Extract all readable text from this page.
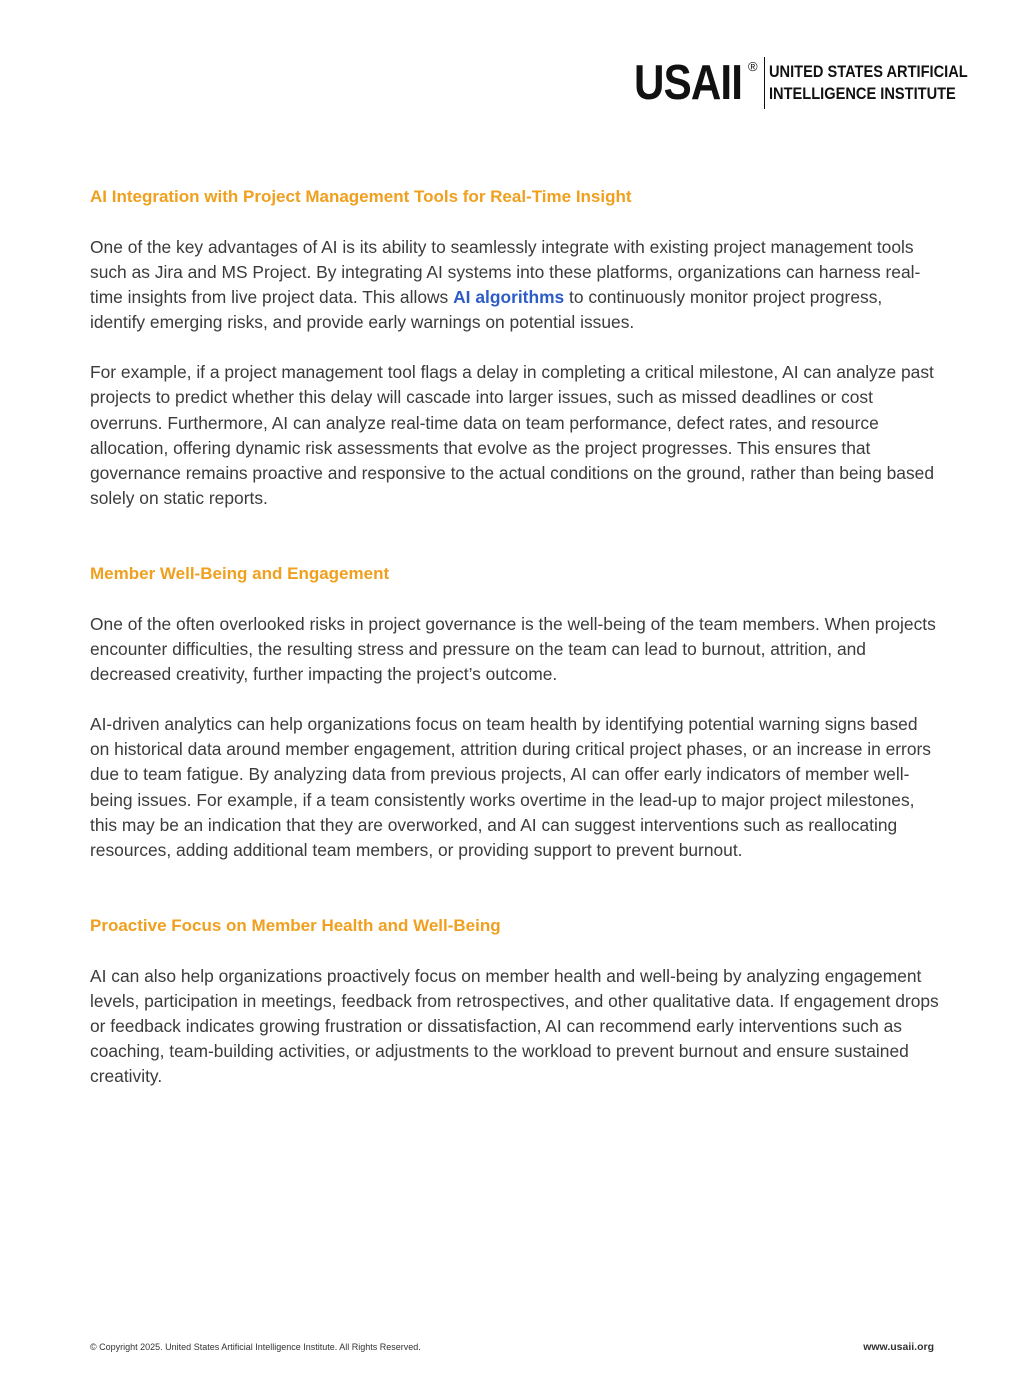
USAII ® UNITED STATES ARTIFICIAL
INTELLIGENCE INSTITUTE
AI Integration with Project Management Tools for Real-Time Insight

One of the key advantages of AI is its ability to seamlessly integrate with existing project management tools such as Jira and MS Project. By integrating AI systems into these platforms, organizations can harness real-time insights from live project data. This allows AI algorithms to continuously monitor project progress, identify emerging risks, and provide early warnings on potential issues.

For example, if a project management tool flags a delay in completing a critical milestone, AI can analyze past projects to predict whether this delay will cascade into larger issues, such as missed deadlines or cost overruns. Furthermore, AI can analyze real-time data on team performance, defect rates, and resource allocation, offering dynamic risk assessments that evolve as the project progresses. This ensures that governance remains proactive and responsive to the actual conditions on the ground, rather than being based solely on static reports.

Member Well-Being and Engagement

One of the often overlooked risks in project governance is the well-being of the team members. When projects encounter difficulties, the resulting stress and pressure on the team can lead to burnout, attrition, and decreased creativity, further impacting the project’s outcome.

AI-driven analytics can help organizations focus on team health by identifying potential warning signs based on historical data around member engagement, attrition during critical project phases, or an increase in errors due to team fatigue. By analyzing data from previous projects, AI can offer early indicators of member well-being issues. For example, if a team consistently works overtime in the lead-up to major project milestones, this may be an indication that they are overworked, and AI can suggest interventions such as reallocating resources, adding additional team members, or providing support to prevent burnout.

Proactive Focus on Member Health and Well-Being

AI can also help organizations proactively focus on member health and well-being by analyzing engagement levels, participation in meetings, feedback from retrospectives, and other qualitative data. If engagement drops or feedback indicates growing frustration or dissatisfaction, AI can recommend early interventions such as coaching, team-building activities, or adjustments to the workload to prevent burnout and ensure sustained creativity.

© Copyright 2025. United States Artificial Intelligence Institute. All Rights Reserved.	www.usaii.org
